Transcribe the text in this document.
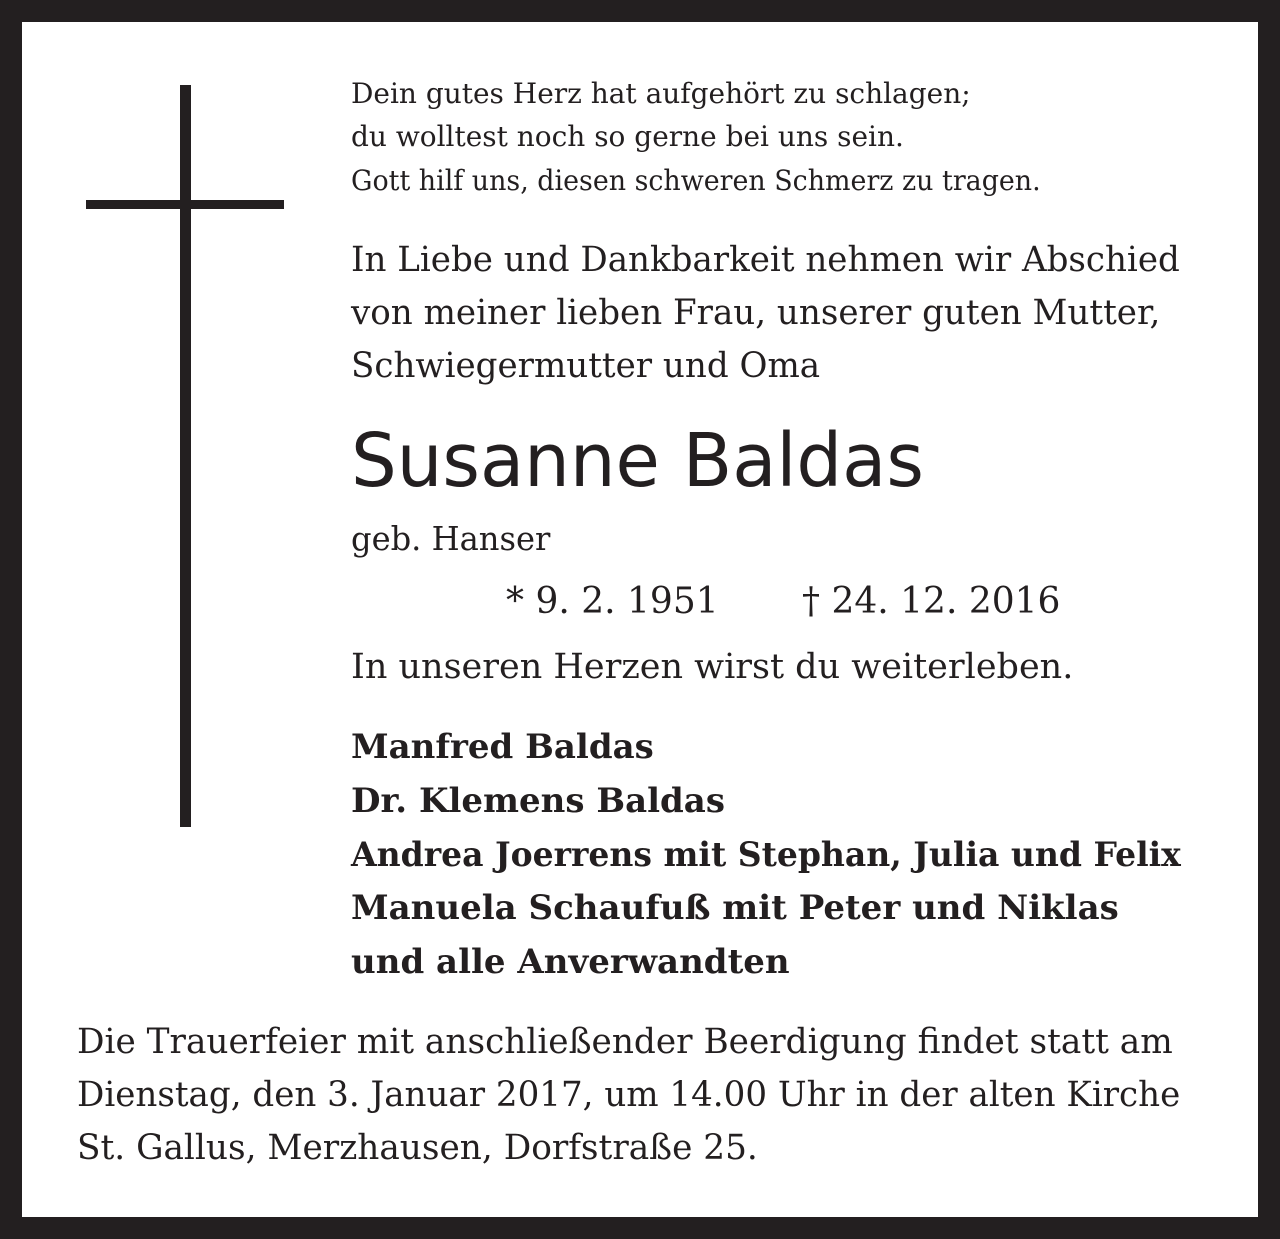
Dein gutes Herz hat aufgehört zu schlagen;
du wolltest noch so gerne bei uns sein.
Gott hilf uns, diesen schweren Schmerz zu tragen.
In Liebe und Dankbarkeit nehmen wir Abschied
von meiner lieben Frau, unserer guten Mutter,
Schwiegermutter und Oma
Susanne Baldas
geb. Hanser
* 9. 2. 1951 † 24. 12. 2016
In unseren Herzen wirst du weiterleben.
Manfred Baldas
Dr. Klemens Baldas
Andrea Joerrens mit Stephan, Julia und Felix
Manuela Schaufuß mit Peter und Niklas
und alle Anverwandten
Die Trauerfeier mit anschließender Beerdigung findet statt am
Dienstag, den 3. Januar 2017, um 14.00 Uhr in der alten Kirche
St. Gallus, Merzhausen, Dorfstraße 25.
